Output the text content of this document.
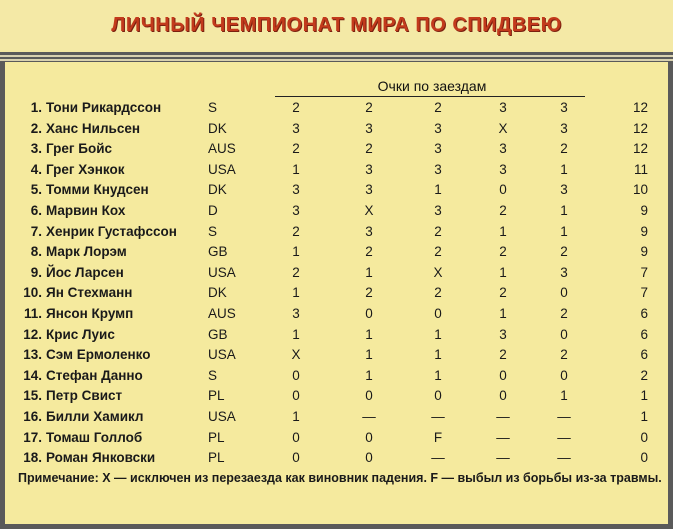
ЛИЧНЫЙ ЧЕМПИОНАТ МИРА ПО СПИДВЕЮ
Очки по заездам
1. Тони Рикардссон	S	2	2	2	3	3	12
2. Ханс Нильсен	DK	3	3	3	X	3	12
3. Грег Бойс	AUS	2	2	3	3	2	12
4. Грег Хэнкок	USA	1	3	3	3	1	11
5. Томми Кнудсен	DK	3	3	1	0	3	10
6. Марвин Кох	D	3	X	3	2	1	9
7. Хенрик Густафссон S	2	3	2	1	1	9
8. Марк Лорэм	GB	1	2	2	2	2	9
9. Йос Ларсен	USA	2	1	X	1	3	7
10. Ян Стехманн	DK	1	2	2	2	0	7
11. Янсон Крумп	AUS	3	0	0	1	2	6
12. Крис Луис	GB	1	1	1	3	0	6
13. Сэм Ермоленко	USA	X	1	1	2	2	6
14. Стефан Данно	S	0	1	1	0	0	2
15. Петр Свист	PL	0	0	0	0	1	1
16. Билли Хамикл	USA	1	—	—	—	—	1
17. Томаш Голлоб	PL	0	0	F	—	—	0
18. Роман Янковски	PL	0	0	—	—	—	0
Примечание: X — исключен из перезаезда как виновник падения. F — выбыл из борьбы из-за травмы.
